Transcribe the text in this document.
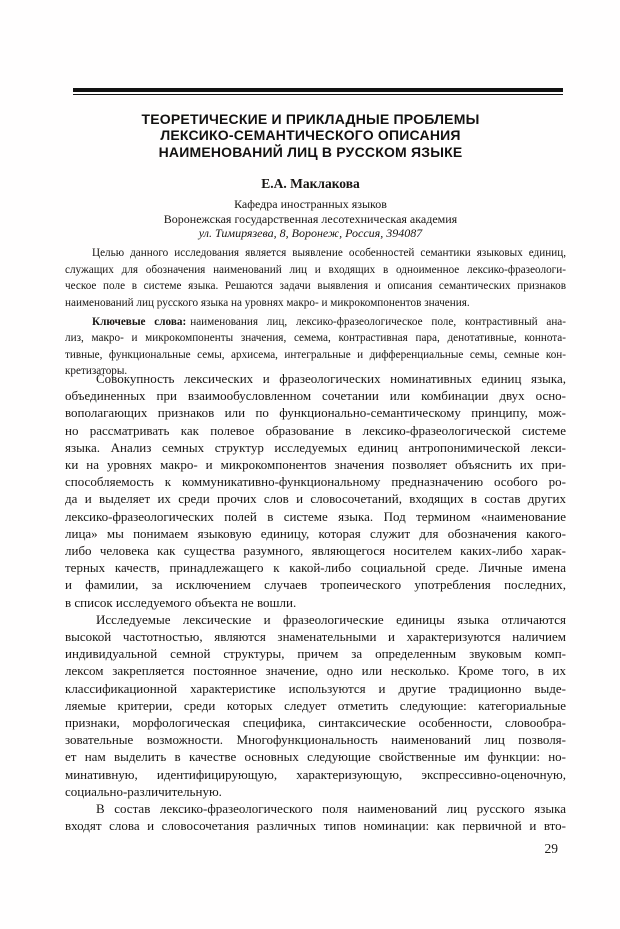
ТЕОРЕТИЧЕСКИЕ И ПРИКЛАДНЫЕ ПРОБЛЕМЫ
ЛЕКСИКО-СЕМАНТИЧЕСКОГО ОПИСАНИЯ
НАИМЕНОВАНИЙ ЛИЦ В РУССКОМ ЯЗЫКЕ
Е.А. Маклакова
Кафедра иностранных языков
Воронежская государственная лесотехническая академия
ул. Тимирязева, 8, Воронеж, Россия, 394087
Целью данного исследования является выявление особенностей семантики языковых единиц,
служащих для обозначения наименований лиц и входящих в одноименное лексико-фразеологи-
ческое поле в системе языка. Решаются задачи выявления и описания семантических признаков
наименований лиц русского языка на уровнях макро- и микрокомпонентов значения.
Ключевые слова: наименования лиц, лексико-фразеологическое поле, контрастивный ана-
лиз, макро- и микрокомпоненты значения, семема, контрастивная пара, денотативные, коннота-
тивные, функциональные семы, архисема, интегральные и дифференциальные семы, семные кон-
кретизаторы.
Совокупность лексических и фразеологических номинативных единиц языка,
объединенных при взаимообусловленном сочетании или комбинации двух осно-
вополагающих признаков или по функционально-семантическому принципу, мож-
но рассматривать как полевое образование в лексико-фразеологической системе
языка. Анализ семных структур исследуемых единиц антропонимической лекси-
ки на уровнях макро- и микрокомпонентов значения позволяет объяснить их при-
способляемость к коммуникативно-функциональному предназначению особого ро-
да и выделяет их среди прочих слов и словосочетаний, входящих в состав других
лексико-фразеологических полей в системе языка. Под термином «наименование
лица» мы понимаем языковую единицу, которая служит для обозначения какого-
либо человека как существа разумного, являющегося носителем каких-либо харак-
терных качеств, принадлежащего к какой-либо социальной среде. Личные имена
и фамилии, за исключением случаев тропеического употребления последних,
в список исследуемого объекта не вошли.
Исследуемые лексические и фразеологические единицы языка отличаются
высокой частотностью, являются знаменательными и характеризуются наличием
индивидуальной семной структуры, причем за определенным звуковым комп-
лексом закрепляется постоянное значение, одно или несколько. Кроме того, в их
классификационной характеристике используются и другие традиционно выде-
ляемые критерии, среди которых следует отметить следующие: категориальные
признаки, морфологическая специфика, синтаксические особенности, словообра-
зовательные возможности. Многофункциональность наименований лиц позволя-
ет нам выделить в качестве основных следующие свойственные им функции: но-
минативную, идентифицирующую, характеризующую, экспрессивно-оценочную,
социально-различительную.
В состав лексико-фразеологического поля наименований лиц русского языка
входят слова и словосочетания различных типов номинации: как первичной и вто-
29
